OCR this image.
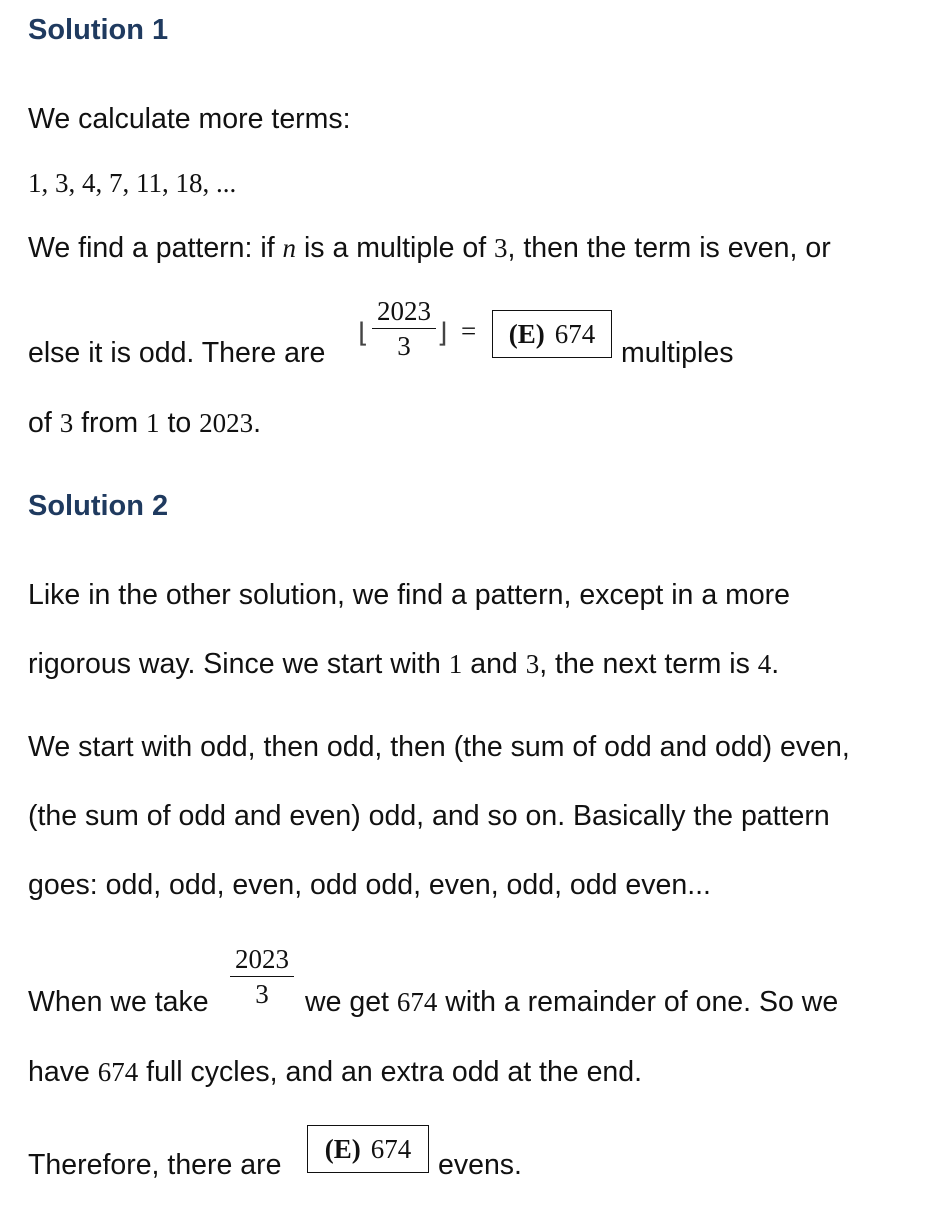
Solution 1
We calculate more terms:
1, 3, 4, 7, 11, 18, ...
We find a pattern: if n is a multiple of 3, then the term is even, or
else it is odd. There are
⌊
2023
3 ⌋ = (E) 674
multiples
of 3 from 1 to 2023.
Solution 2
Like in the other solution, we find a pattern, except in a more
rigorous way. Since we start with 1 and 3, the next term is 4.
We start with odd, then odd, then (the sum of odd and odd) even,
(the sum of odd and even) odd, and so on. Basically the pattern
goes: odd, odd, even, odd odd, even, odd, odd even...
When we take
2023
3	we get 674 with a remainder of one. So we
have 674 full cycles, and an extra odd at the end.
Therefore, there are
(E) 674
evens.
